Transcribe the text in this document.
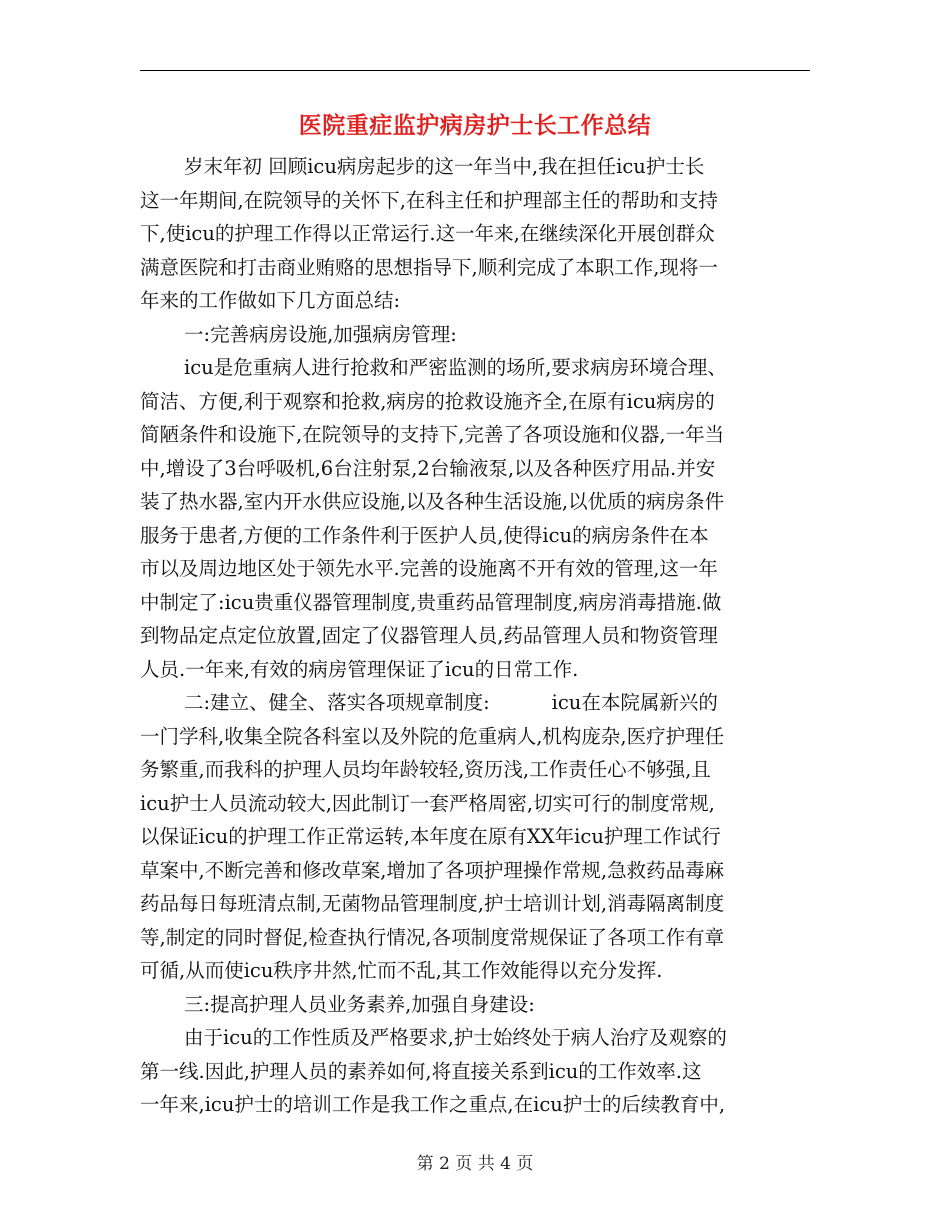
医院重症监护病房护士长工作总结
岁末年初 回顾icu病房起步的这一年当中,我在担任icu护士长
这一年期间,在院领导的关怀下,在科主任和护理部主任的帮助和支持
下,使icu的护理工作得以正常运行.这一年来,在继续深化开展创群众
满意医院和打击商业贿赂的思想指导下,顺利完成了本职工作,现将一
年来的工作做如下几方面总结:
一:完善病房设施,加强病房管理:
icu是危重病人进行抢救和严密监测的场所,要求病房环境合理、
简洁、方便,利于观察和抢救,病房的抢救设施齐全,在原有icu病房的
简陋条件和设施下,在院领导的支持下,完善了各项设施和仪器,一年当
中,增设了3台呼吸机,6台注射泵,2台输液泵,以及各种医疗用品.并安
装了热水器,室内开水供应设施,以及各种生活设施,以优质的病房条件
服务于患者,方便的工作条件利于医护人员,使得icu的病房条件在本
市以及周边地区处于领先水平.完善的设施离不开有效的管理,这一年
中制定了:icu贵重仪器管理制度,贵重药品管理制度,病房消毒措施.做
到物品定点定位放置,固定了仪器管理人员,药品管理人员和物资管理
人员.一年来,有效的病房管理保证了icu的日常工作.
二:建立、健全、落实各项规章制度:          icu在本院属新兴的
一门学科,收集全院各科室以及外院的危重病人,机构庞杂,医疗护理任
务繁重,而我科的护理人员均年龄较轻,资历浅,工作责任心不够强,且
icu护士人员流动较大,因此制订一套严格周密,切实可行的制度常规,
以保证icu的护理工作正常运转,本年度在原有XX年icu护理工作试行
草案中,不断完善和修改草案,增加了各项护理操作常规,急救药品毒麻
药品每日每班清点制,无菌物品管理制度,护士培训计划,消毒隔离制度
等,制定的同时督促,检查执行情况,各项制度常规保证了各项工作有章
可循,从而使icu秩序井然,忙而不乱,其工作效能得以充分发挥.
三:提高护理人员业务素养,加强自身建设:
由于icu的工作性质及严格要求,护士始终处于病人治疗及观察的
第一线.因此,护理人员的素养如何,将直接关系到icu的工作效率.这
一年来,icu护士的培训工作是我工作之重点,在icu护士的后续教育中,
第 2 页 共 4 页
